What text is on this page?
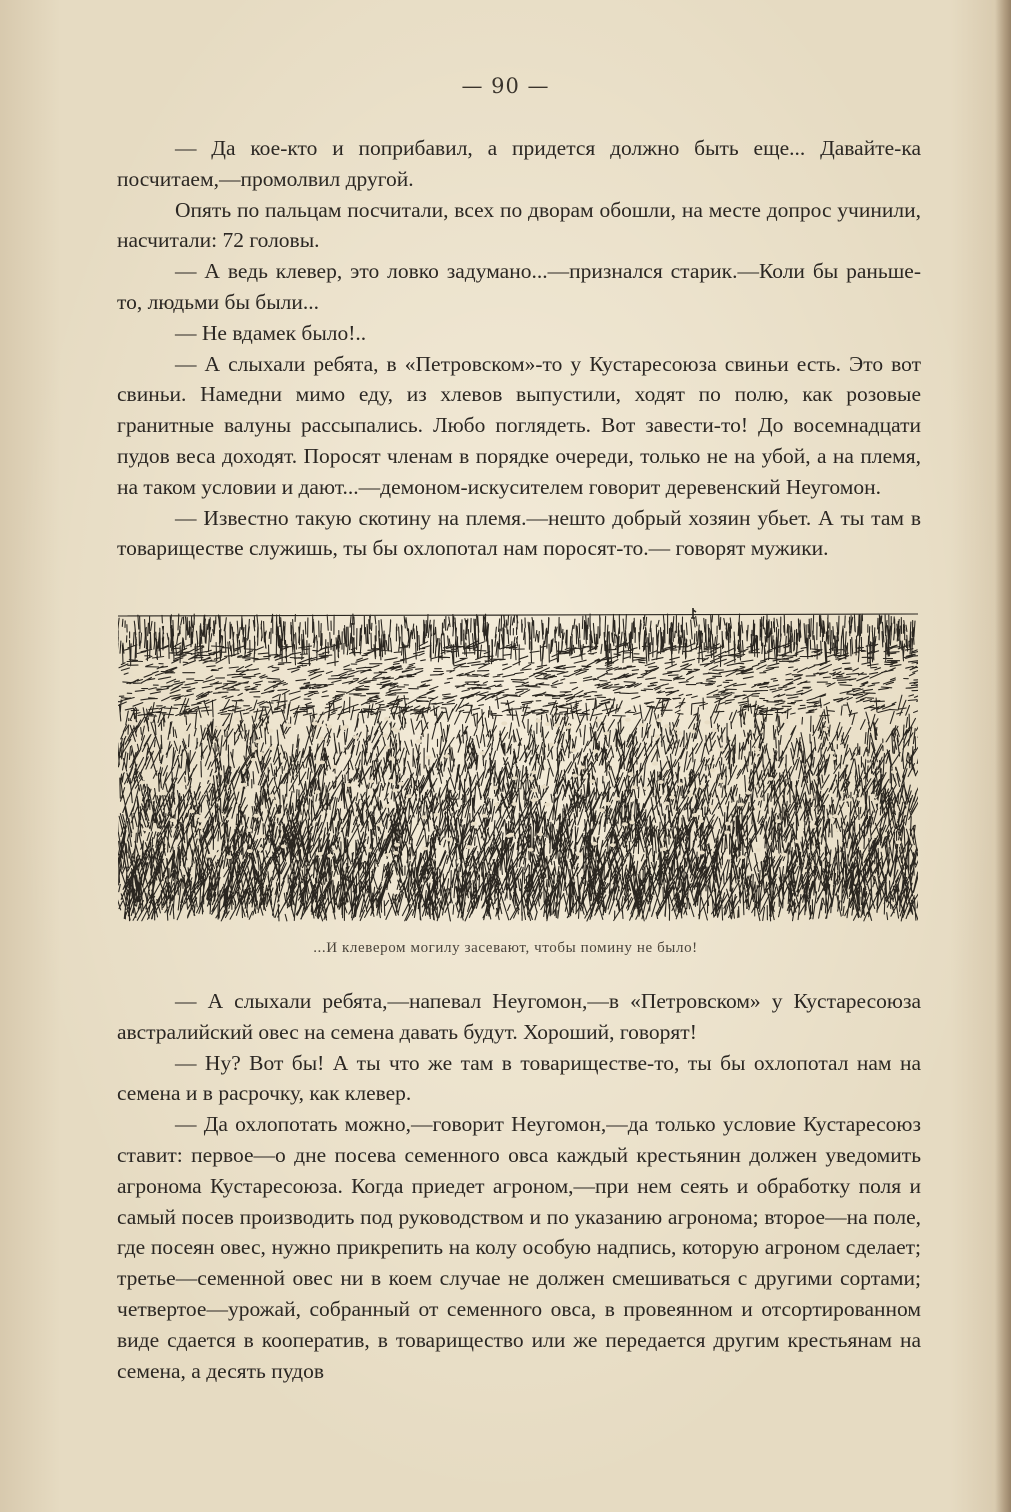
— 90 —

— Да кое-кто и поприбавил, а придется должно быть еще... Давайте-ка посчитаем,—промолвил другой.

Опять по пальцам посчитали, всех по дворам обошли, на месте допрос учинили, насчитали: 72 головы.

— А ведь клевер, это ловко задумано...—признался старик.—Коли бы раньше-то, людьми бы были...

— Не вдамек было!..

— А слыхали ребята, в «Петровском»-то у Кустаресоюза свиньи есть. Это вот свиньи. Намедни мимо еду, из хлевов выпустили, ходят по полю, как розовые гранитные валуны рассыпались. Любо поглядеть. Вот завести-то! До восемнадцати пудов веса доходят. Поросят членам в порядке очереди, только не на убой, а на племя, на таком условии и дают...—демоном-искусителем говорит деревенский Неугомон.

— Известно такую скотину на племя.—нешто добрый хозяин убьет. А ты там в товариществе служишь, ты бы охлопотал нам поросят-то.— говорят мужики.

...И клевером могилу засевают, чтобы помину не было!

— А слыхали ребята,—напевал Неугомон,—в «Петровском» у Кустаресоюза австралийский овес на семена давать будут. Хороший, говорят!

— Ну? Вот бы! А ты что же там в товариществе-то, ты бы охлопотал нам на семена и в расрочку, как клевер.

— Да охлопотать можно,—говорит Неугомон,—да только условие Кустаресоюз ставит: первое—о дне посева семенного овса каждый крестьянин должен уведомить агронома Кустаресоюза. Когда приедет агроном,—при нем сеять и обработку поля и самый посев производить под руководством и по указанию агронома; второе—на поле, где посеян овес, нужно прикрепить на колу особую надпись, которую агроном сделает; третье—семенной овес ни в коем случае не должен смешиваться с другими сортами; четвертое—урожай, собранный от семенного овса, в провеянном и отсортированном виде сдается в кооператив, в товарищество или же передается другим крестьянам на семена, а десять пудов
